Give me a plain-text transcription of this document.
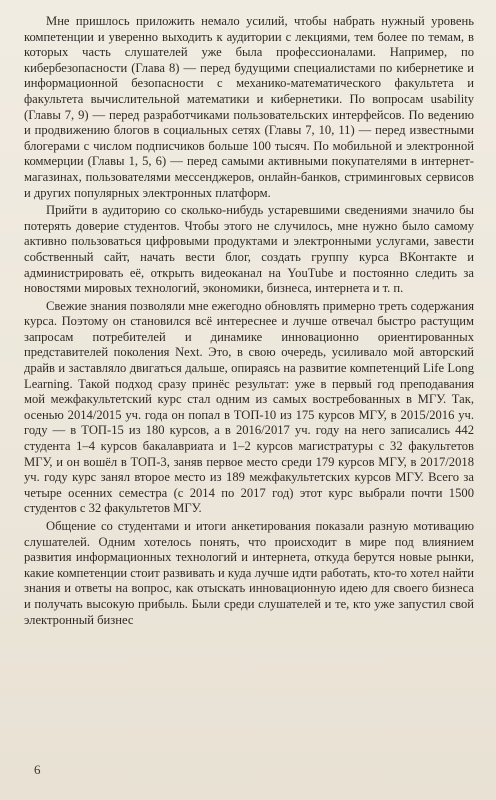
Мне пришлось приложить немало усилий, чтобы набрать нужный уровень компетенции и уверенно выходить к аудитории с лекциями, тем более по темам, в которых часть слушателей уже была профессионалами. Например, по кибербезопасности (Глава 8) — перед будущими специалистами по кибернетике и информационной безопасности с механико-математического факультета и факультета вычислительной математики и кибернетики. По вопросам usability (Главы 7, 9) — перед разработчиками пользовательских интерфейсов. По ведению и продвижению блогов в социальных сетях (Главы 7, 10, 11) — перед известными блогерами с числом подписчиков больше 100 тысяч. По мобильной и электронной коммерции (Главы 1, 5, 6) — перед самыми активными покупателями в интернет-магазинах, пользователями мессенджеров, онлайн-банков, стриминговых сервисов и других популярных электронных платформ.

Прийти в аудиторию со сколько-нибудь устаревшими сведениями значило бы потерять доверие студентов. Чтобы этого не случилось, мне нужно было самому активно пользоваться цифровыми продуктами и электронными услугами, завести собственный сайт, начать вести блог, создать группу курса ВКонтакте и администрировать её, открыть видеоканал на YouTube и постоянно следить за новостями мировых технологий, экономики, бизнеса, интернета и т. п.

Свежие знания позволяли мне ежегодно обновлять примерно треть содержания курса. Поэтому он становился всё интереснее и лучше отвечал быстро растущим запросам потребителей и динамике инновационно ориентированных представителей поколения Next. Это, в свою очередь, усиливало мой авторский драйв и заставляло двигаться дальше, опираясь на развитие компетенций Life Long Learning. Такой подход сразу принёс результат: уже в первый год преподавания мой межфакультетский курс стал одним из самых востребованных в МГУ. Так, осенью 2014/2015 уч. года он попал в ТОП-10 из 175 курсов МГУ, в 2015/2016 уч. году — в ТОП-15 из 180 курсов, а в 2016/2017 уч. году на него записались 442 студента 1–4 курсов бакалавриата и 1–2 курсов магистратуры с 32 факультетов МГУ, и он вошёл в ТОП-3, заняв первое место среди 179 курсов МГУ, в 2017/2018 уч. году курс занял второе место из 189 межфакультетских курсов МГУ. Всего за четыре осенних семестра (с 2014 по 2017 год) этот курс выбрали почти 1500 студентов с 32 факультетов МГУ.

Общение со студентами и итоги анкетирования показали разную мотивацию слушателей. Одним хотелось понять, что происходит в мире под влиянием развития информационных технологий и интернета, откуда берутся новые рынки, какие компетенции стоит развивать и куда лучше идти работать, кто-то хотел найти знания и ответы на вопрос, как отыскать инновационную идею для своего бизнеса и получать высокую прибыль. Были среди слушателей и те, кто уже запустил свой электронный бизнес

6
